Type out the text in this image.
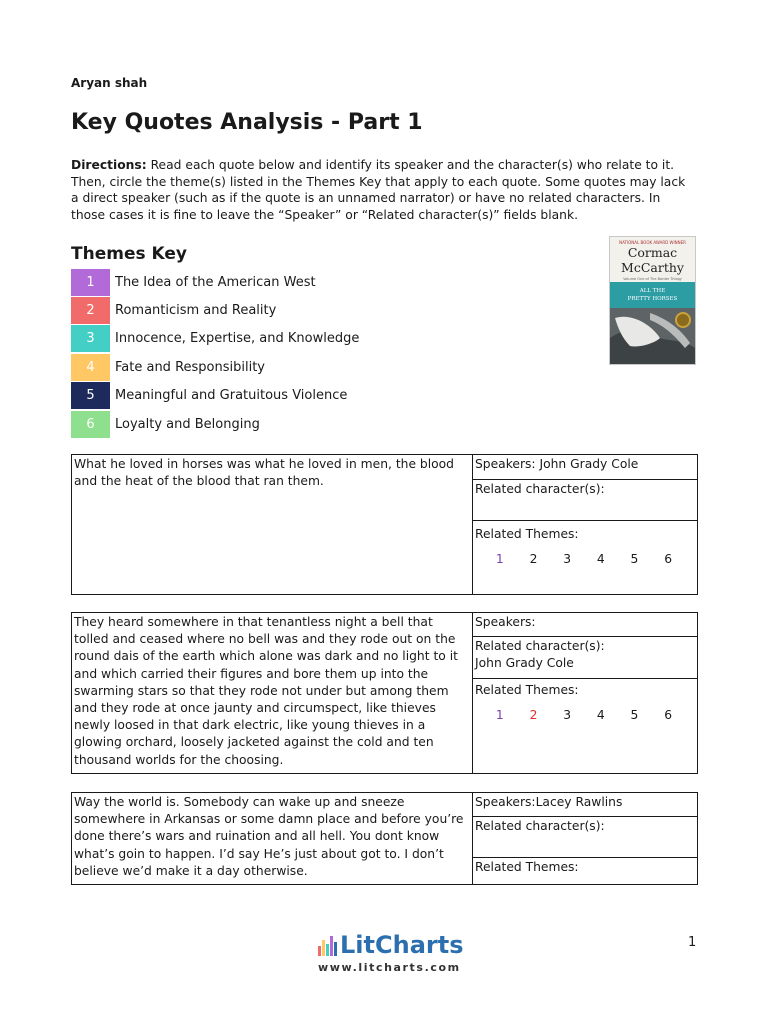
Aryan shah
Key Quotes Analysis - Part 1
Directions: Read each quote below and identify its speaker and the character(s) who relate to it. Then, circle the theme(s) listed in the Themes Key that apply to each quote. Some quotes may lack a direct speaker (such as if the quote is an unnamed narrator) or have no related characters. In those cases it is fine to leave the “Speaker” or “Related character(s)” fields blank.
Themes Key
1	The Idea of the American West
2	Romanticism and Reality
3	Innocence, Expertise, and Knowledge
4	Fate and Responsibility
5	Meaningful and Gratuitous Violence
6	Loyalty and Belonging
NATIONAL BOOK AWARD WINNER
Cormac
McCarthy
Volume One of The Border Trilogy
ALL THE
PRETTY HORSES
What he loved in horses was what he loved in men, the blood and the heat of the blood that ran them.	Speakers: John Grady Cole

Related character(s):

Related Themes:
1	2	3	4	5	6
They heard somewhere in that tenantless night a bell that tolled and ceased where no bell was and they rode out on the round dais of the earth which alone was dark and no light to it and which carried their figures and bore them up into the swarming stars so that they rode not under but among them and they rode at once jaunty and circumspect, like thieves newly loosed in that dark electric, like young thieves in a glowing orchard, loosely jacketed against the cold and ten thousand worlds for the choosing.	Speakers:

Related character(s):
John Grady Cole

Related Themes:
1	2	3	4	5	6
Way the world is. Somebody can wake up and sneeze somewhere in Arkansas or some damn place and before you’re done there’s wars and ruination and all hell. You dont know what’s goin to happen. I’d say He’s just about got to. I don’t believe we’d make it a day otherwise.	Speakers:Lacey Rawlins

Related character(s):

Related Themes:
LitCharts
www.litcharts.com
1
